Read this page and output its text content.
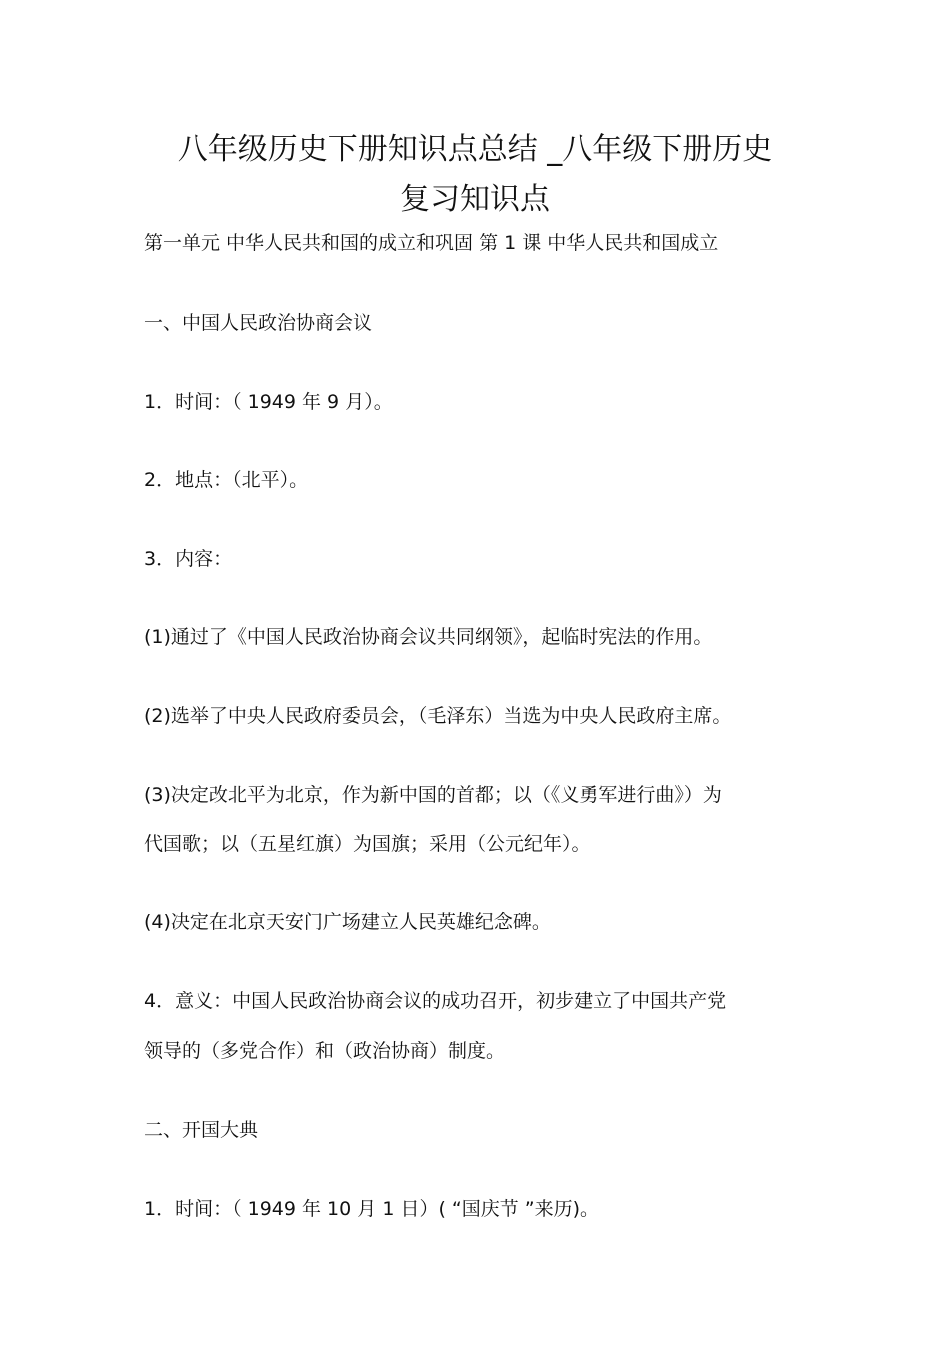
八年级历史下册知识点总结 _八年级下册历史
复习知识点

第一单元 中华人民共和国的成立和巩固 第 1 课 中华人民共和国成立

一、中国人民政治协商会议

1．时间：（ 1949 年 9 月）。

2．地点：（北平）。

3．内容：

(1)通过了《中国人民政治协商会议共同纲领》，起临时宪法的作用。

(2)选举了中央人民政府委员会，（毛泽东）当选为中央人民政府主席。

(3)决定改北平为北京，作为新中国的首都；以（《义勇军进行曲》）为

代国歌；以（五星红旗）为国旗；采用（公元纪年）。

(4)决定在北京天安门广场建立人民英雄纪念碑。

4．意义：中国人民政治协商会议的成功召开，初步建立了中国共产党

领导的（多党合作）和（政治协商）制度。

二、开国大典

1．时间：（ 1949 年 10 月 1 日）( “国庆节 ”来历)。
